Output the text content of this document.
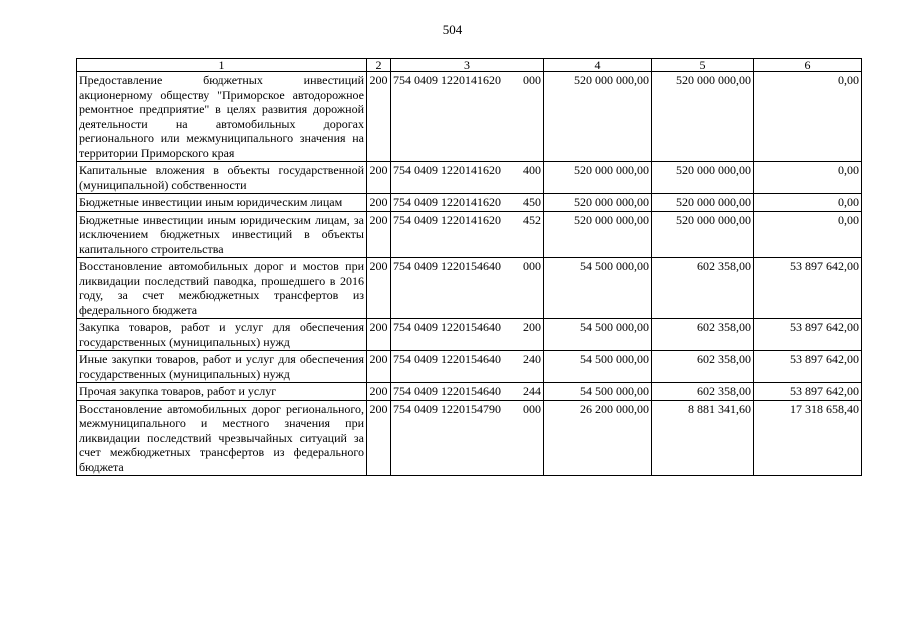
504
1	2	3	4	5	6
Предоставление бюджетных инвестиций акционерному обществу "Приморское автодорожное ремонтное предприятие" в целях развития дорожной деятельности на автомобильных дорогах регионального или межмуниципального значения на территории Приморского края	200	754 0409 1220141620 000	520 000 000,00	520 000 000,00	0,00
Капитальные вложения в объекты государственной (муниципальной) собственности	200	754 0409 1220141620 400	520 000 000,00	520 000 000,00	0,00
Бюджетные инвестиции иным юридическим лицам	200	754 0409 1220141620 450	520 000 000,00	520 000 000,00	0,00
Бюджетные инвестиции иным юридическим лицам, за исключением бюджетных инвестиций в объекты капитального строительства	200	754 0409 1220141620 452	520 000 000,00	520 000 000,00	0,00
Восстановление автомобильных дорог и мостов при ликвидации последствий паводка, прошедшего в 2016 году, за счет межбюджетных трансфертов из федерального бюджета	200	754 0409 1220154640 000	54 500 000,00	602 358,00	53 897 642,00
Закупка товаров, работ и услуг для обеспечения государственных (муниципальных) нужд	200	754 0409 1220154640 200	54 500 000,00	602 358,00	53 897 642,00
Иные закупки товаров, работ и услуг для обеспечения государственных (муниципальных) нужд	200	754 0409 1220154640 240	54 500 000,00	602 358,00	53 897 642,00
Прочая закупка товаров, работ и услуг	200	754 0409 1220154640 244	54 500 000,00	602 358,00	53 897 642,00
Восстановление автомобильных дорог регионального, межмуниципального и местного значения при ликвидации последствий чрезвычайных ситуаций за счет межбюджетных трансфертов из федерального бюджета	200	754 0409 1220154790 000	26 200 000,00	8 881 341,60	17 318 658,40
